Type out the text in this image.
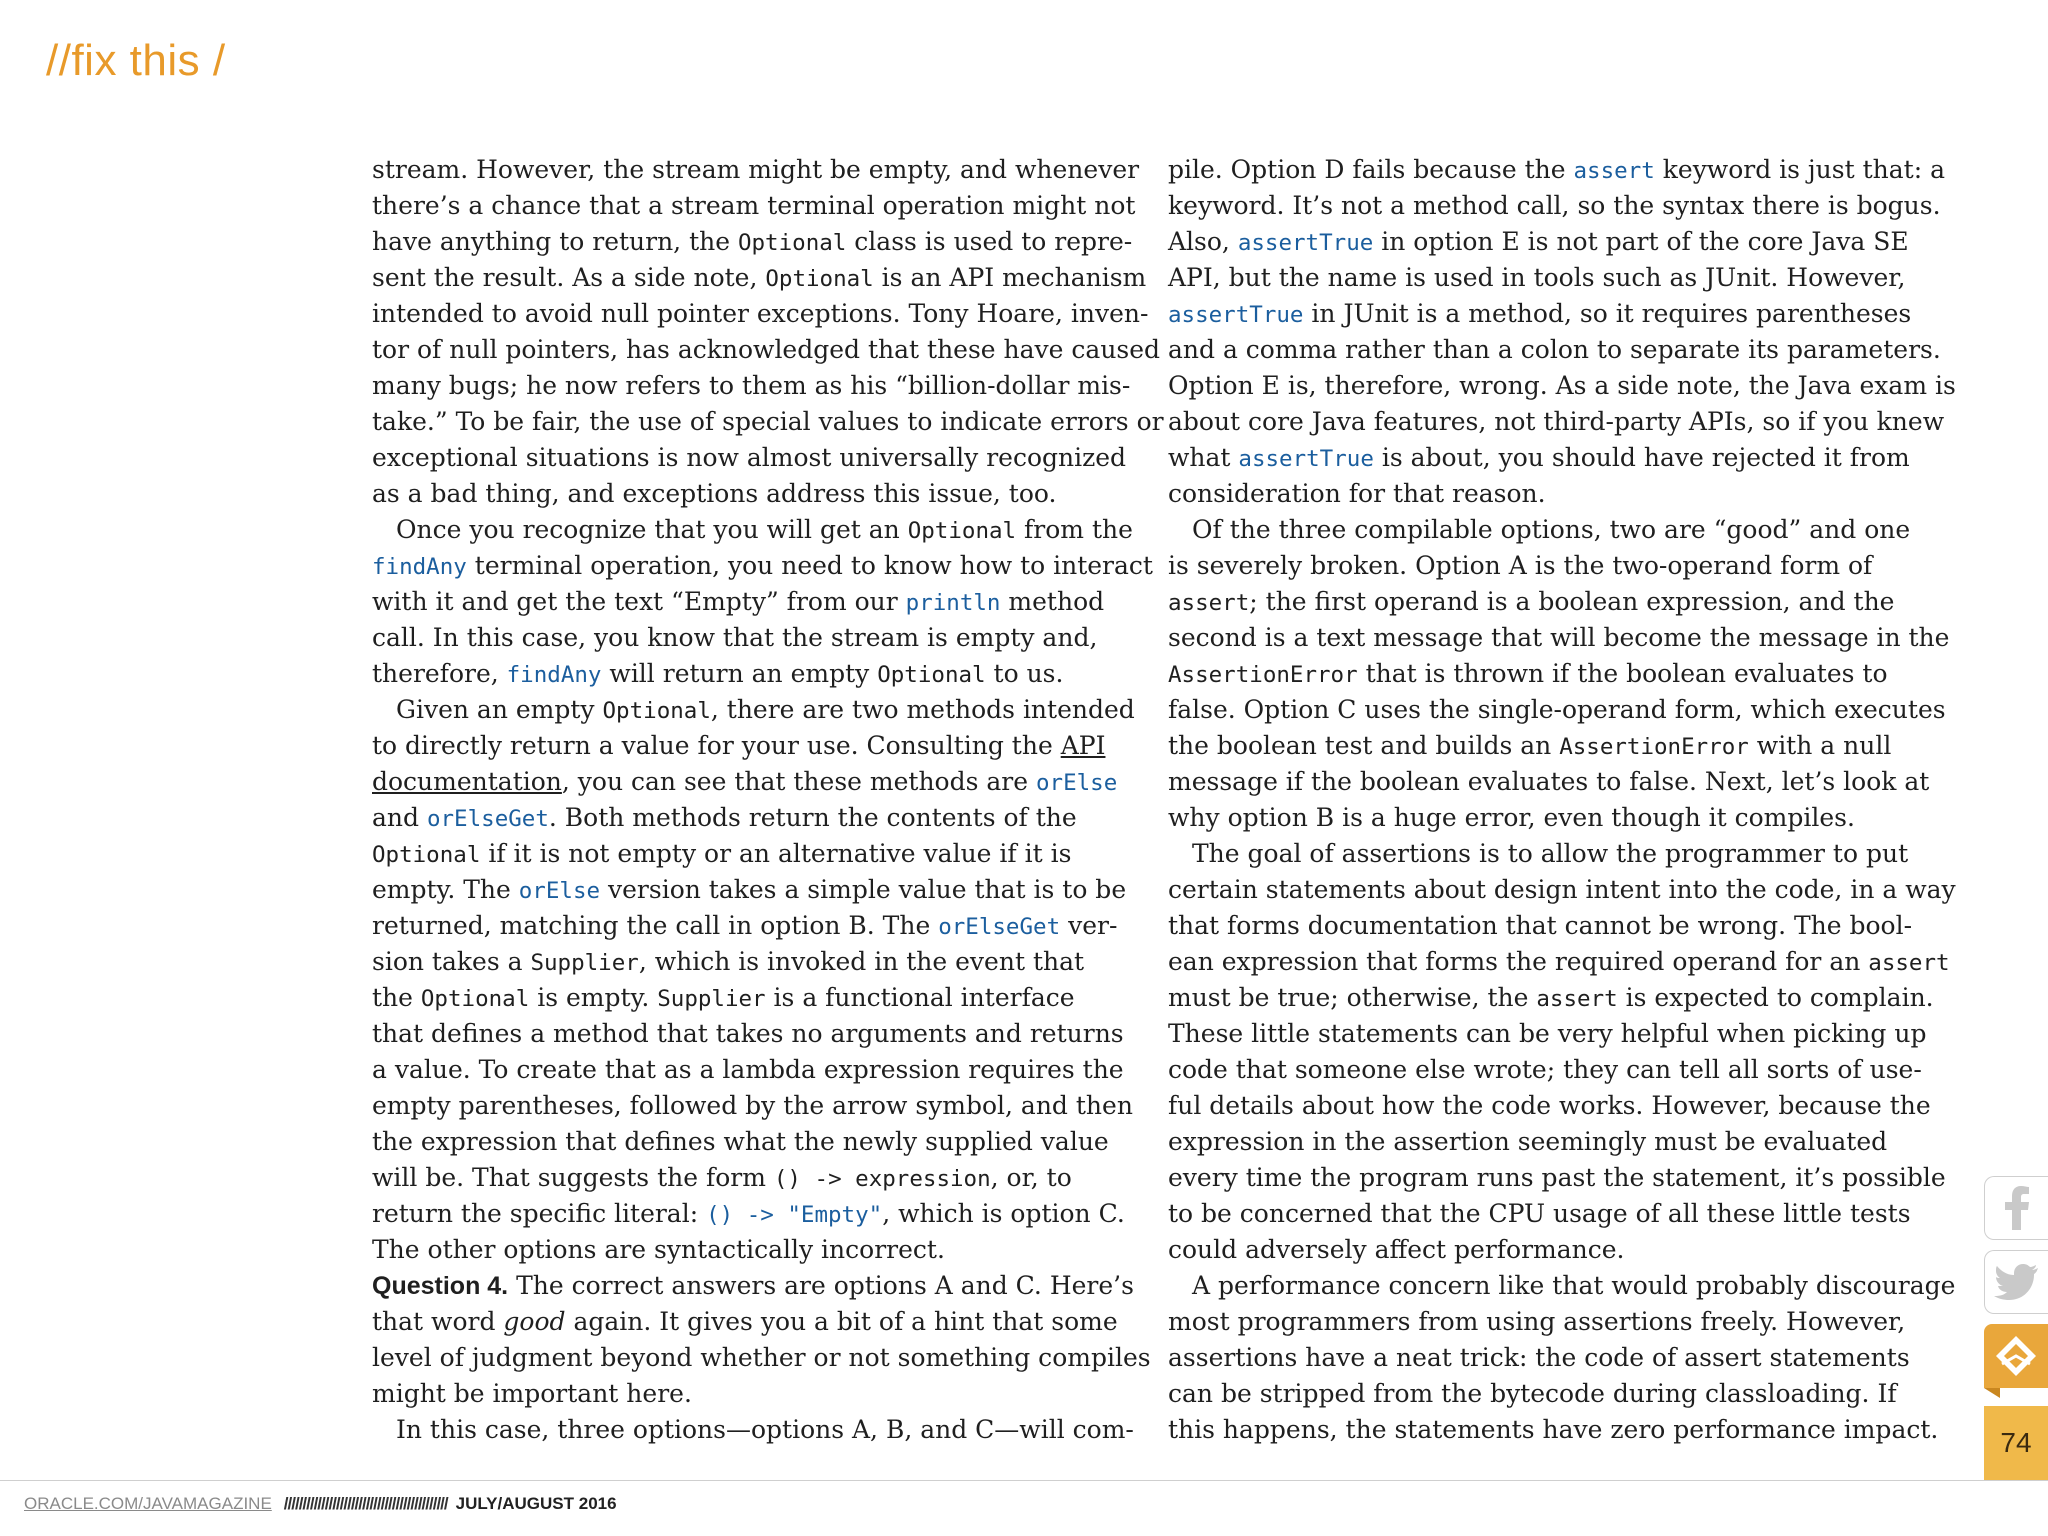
//fix this /
stream. However, the stream might be empty, and whenever
there’s a chance that a stream terminal operation might not
have anything to return, the Optional class is used to repre-
sent the result. As a side note, Optional is an API mechanism
intended to avoid null pointer exceptions. Tony Hoare, inven-
tor of null pointers, has acknowledged that these have caused
many bugs; he now refers to them as his “billion-dollar mis-
take.” To be fair, the use of special values to indicate errors or
exceptional situations is now almost universally recognized
as a bad thing, and exceptions address this issue, too.
Once you recognize that you will get an Optional from the
findAny terminal operation, you need to know how to interact
with it and get the text “Empty” from our println method
call. In this case, you know that the stream is empty and,
therefore, findAny will return an empty Optional to us.
Given an empty Optional, there are two methods intended
to directly return a value for your use. Consulting the API
documentation, you can see that these methods are orElse
and orElseGet. Both methods return the contents of the
Optional if it is not empty or an alternative value if it is
empty. The orElse version takes a simple value that is to be
returned, matching the call in option B. The orElseGet ver-
sion takes a Supplier, which is invoked in the event that
the Optional is empty. Supplier is a functional interface
that defines a method that takes no arguments and returns
a value. To create that as a lambda expression requires the
empty parentheses, followed by the arrow symbol, and then
the expression that defines what the newly supplied value
will be. That suggests the form () -> expression, or, to
return the specific literal: () -> "Empty", which is option C.
The other options are syntactically incorrect.
Question 4. The correct answers are options A and C. Here’s
that word good again. It gives you a bit of a hint that some
level of judgment beyond whether or not something compiles
might be important here.
In this case, three options—options A, B, and C—will com-
pile. Option D fails because the assert keyword is just that: a
keyword. It’s not a method call, so the syntax there is bogus.
Also, assertTrue in option E is not part of the core Java SE
API, but the name is used in tools such as JUnit. However,
assertTrue in JUnit is a method, so it requires parentheses
and a comma rather than a colon to separate its parameters.
Option E is, therefore, wrong. As a side note, the Java exam is
about core Java features, not third-party APIs, so if you knew
what assertTrue is about, you should have rejected it from
consideration for that reason.
Of the three compilable options, two are “good” and one
is severely broken. Option A is the two-operand form of
assert; the first operand is a boolean expression, and the
second is a text message that will become the message in the
AssertionError that is thrown if the boolean evaluates to
false. Option C uses the single-operand form, which executes
the boolean test and builds an AssertionError with a null
message if the boolean evaluates to false. Next, let’s look at
why option B is a huge error, even though it compiles.
The goal of assertions is to allow the programmer to put
certain statements about design intent into the code, in a way
that forms documentation that cannot be wrong. The bool-
ean expression that forms the required operand for an assert
must be true; otherwise, the assert is expected to complain.
These little statements can be very helpful when picking up
code that someone else wrote; they can tell all sorts of use-
ful details about how the code works. However, because the
expression in the assertion seemingly must be evaluated
every time the program runs past the statement, it’s possible
to be concerned that the CPU usage of all these little tests
could adversely affect performance.
A performance concern like that would probably discourage
most programmers from using assertions freely. However,
assertions have a neat trick: the code of assert statements
can be stripped from the bytecode during classloading. If
this happens, the statements have zero performance impact.	74
ORACLE.COM/JAVAMAGAZINE //////////////////////////////////////////// JULY/AUGUST 2016
